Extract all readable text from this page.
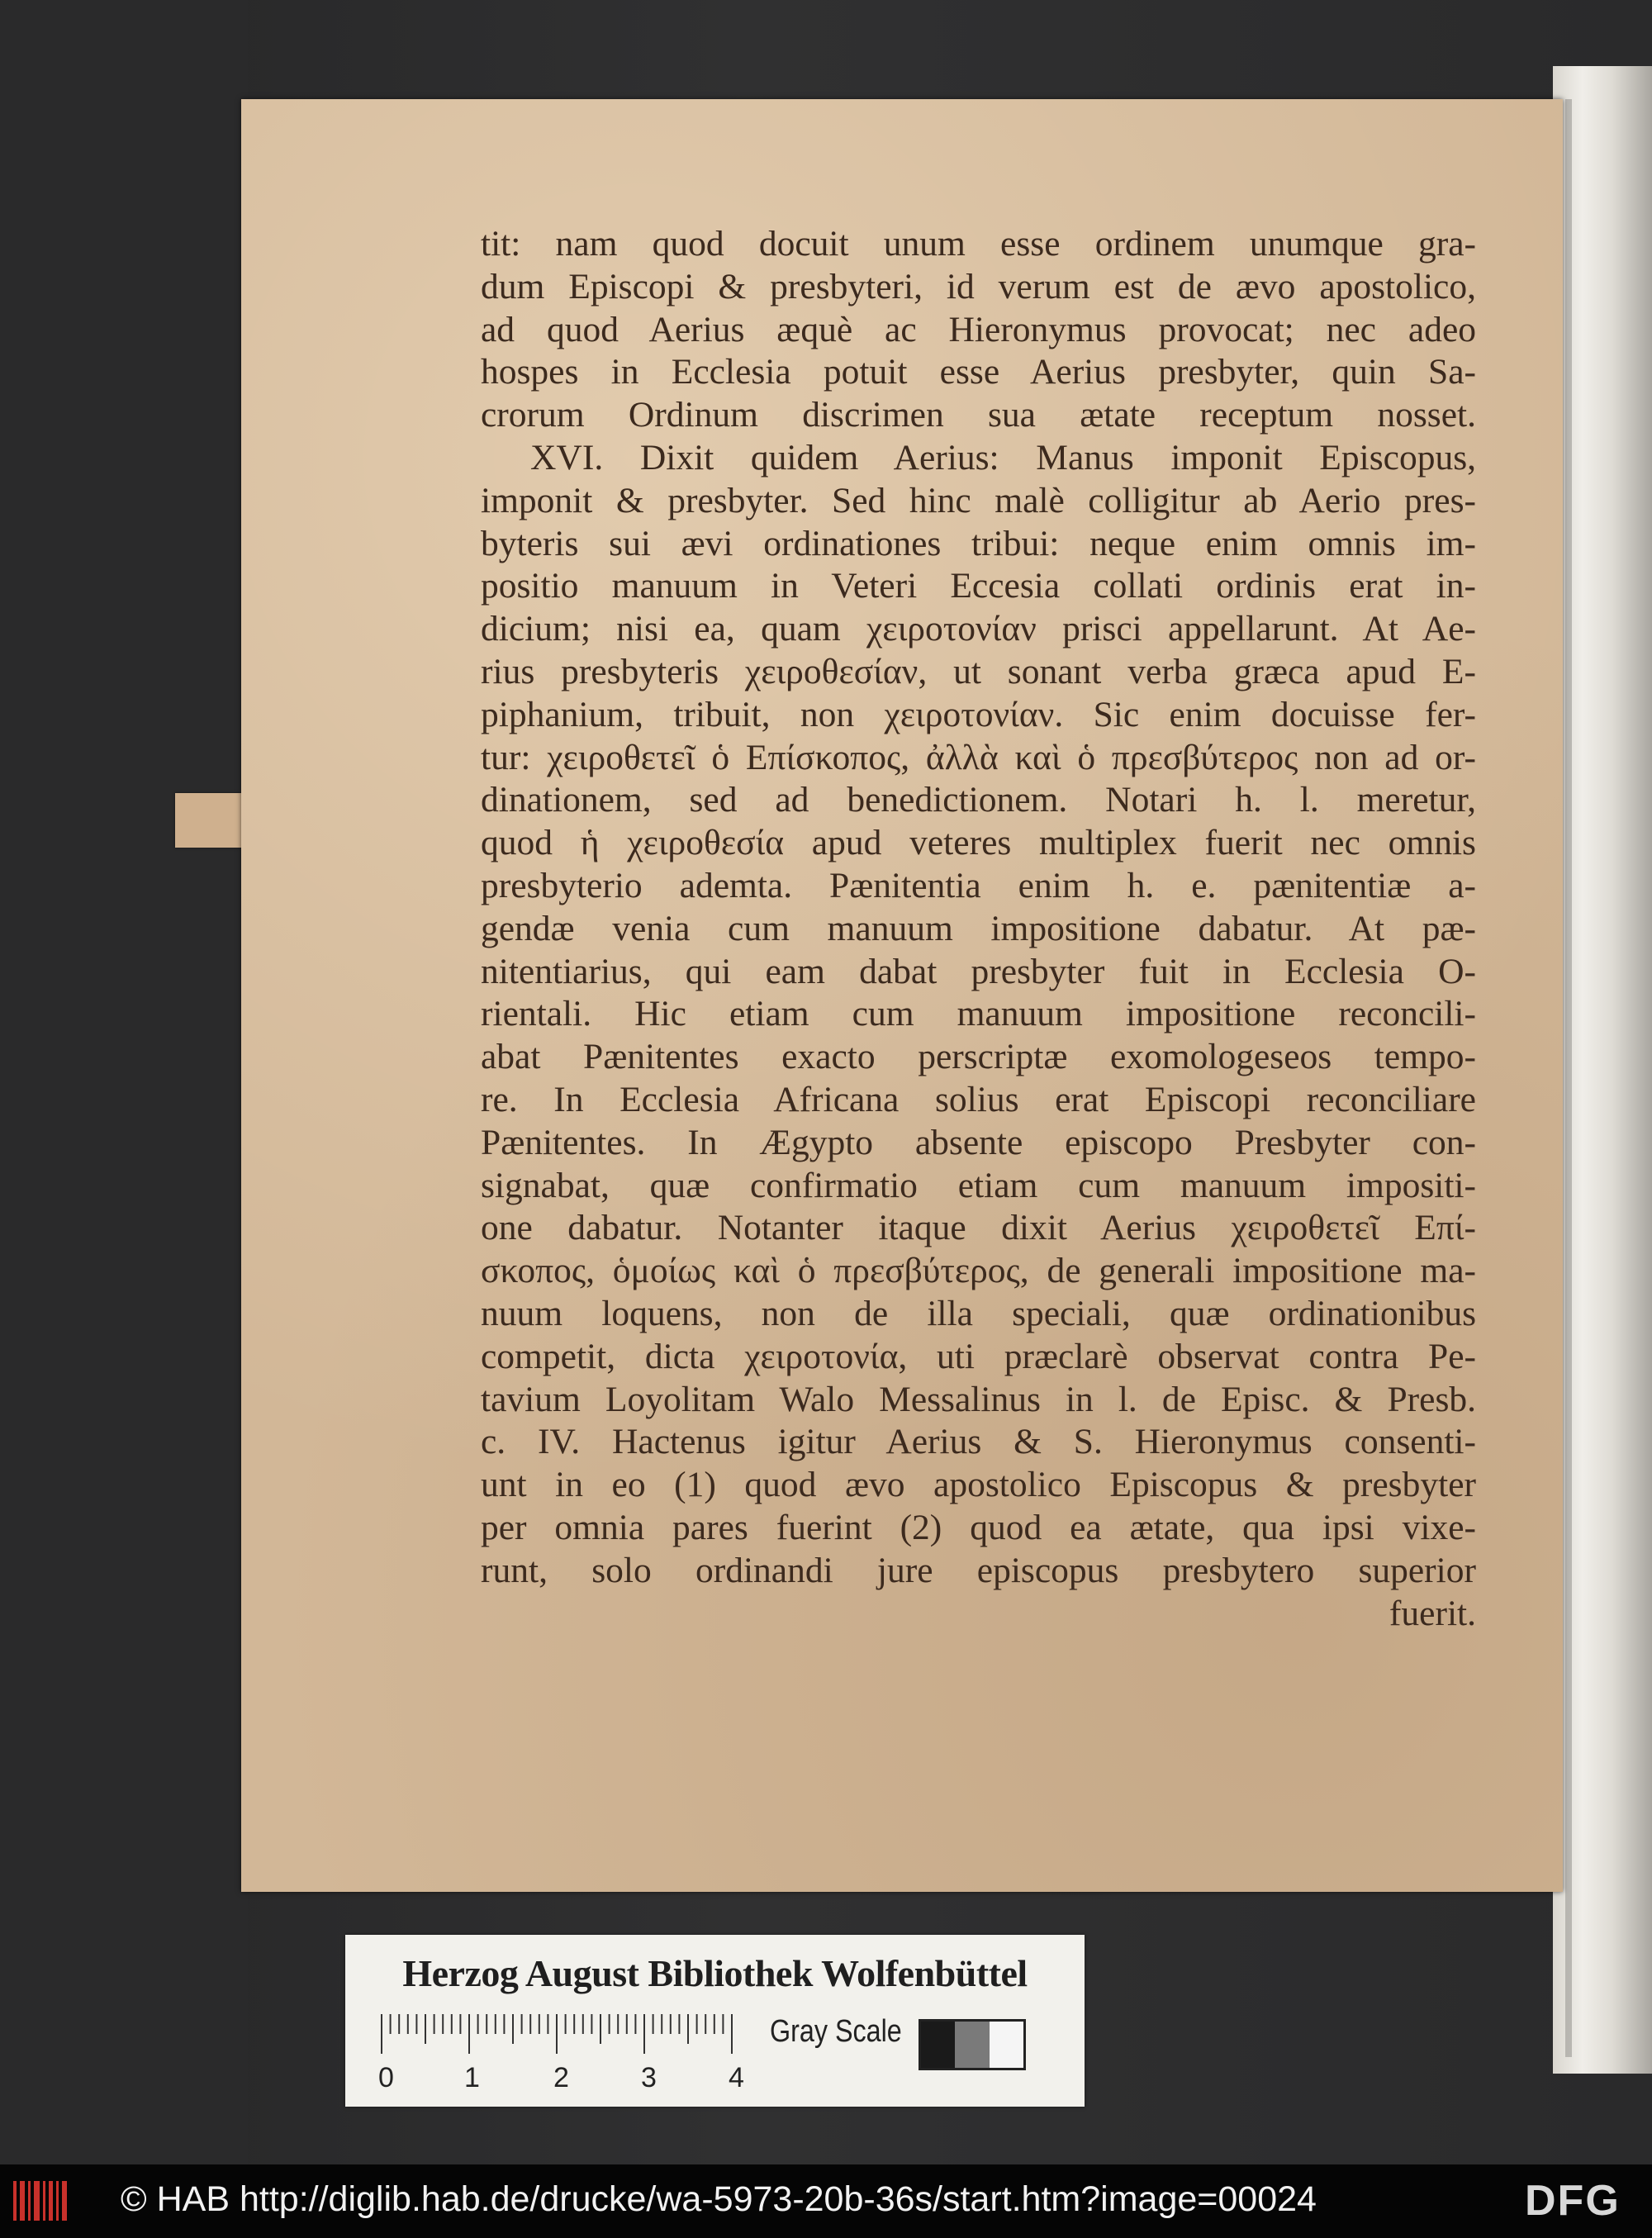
tit: nam quod docuit unum esse ordinem unumque gra-
dum Episcopi & presbyteri, id verum est de ævo apostolico,
ad quod Aerius æquè ac Hieronymus provocat; nec adeo
hospes in Ecclesia potuit esse Aerius presbyter, quin Sa-
crorum Ordinum discrimen sua ætate receptum nosset.
XVI. Dixit quidem Aerius: Manus imponit Episcopus,
imponit & presbyter. Sed hinc malè colligitur ab Aerio pres-
byteris sui ævi ordinationes tribui: neque enim omnis im-
positio manuum in Veteri Eccesia collati ordinis erat in-
dicium; nisi ea, quam χειροτονίαν prisci appellarunt. At Ae-
rius presbyteris χειροθεσίαν, ut sonant verba græca apud E-
piphanium, tribuit, non χειροτονίαν. Sic enim docuisse fer-
tur: χειροθετεῖ ὁ Επίσκοπος, ἀλλὰ καὶ ὁ πρεσβύτερος non ad or-
dinationem, sed ad benedictionem. Notari h. l. meretur,
quod ἡ χειροθεσία apud veteres multiplex fuerit nec omnis
presbyterio ademta. Pænitentia enim h. e. pænitentiæ a-
gendæ venia cum manuum impositione dabatur. At pæ-
nitentiarius, qui eam dabat presbyter fuit in Ecclesia O-
rientali. Hic etiam cum manuum impositione reconcili-
abat Pænitentes exacto perscriptæ exomologeseos tempo-
re. In Ecclesia Africana solius erat Episcopi reconciliare
Pænitentes. In Ægypto absente episcopo Presbyter con-
signabat, quæ confirmatio etiam cum manuum impositi-
one dabatur. Notanter itaque dixit Aerius χειροθετεῖ Επί-
σκοπος, ὁμοίως καὶ ὁ πρεσβύτερος, de generali impositione ma-
nuum loquens, non de illa speciali, quæ ordinationibus
competit, dicta χειροτονία, uti præclarè observat contra Pe-
tavium Loyolitam Walo Messalinus in l. de Episc. & Presb.
c. IV. Hactenus igitur Aerius & S. Hieronymus consenti-
unt in eo (1) quod ævo apostolico Episcopus & presbyter
per omnia pares fuerint (2) quod ea ætate, qua ipsi vixe-
runt, solo ordinandi jure episcopus presbytero superior
fuerit.
Herzog August Bibliothek Wolfenbüttel
0	1	2	3	4
Gray Scale
© HAB http://diglib.hab.de/drucke/wa-5973-20b-36s/start.htm?image=00024	DFG
